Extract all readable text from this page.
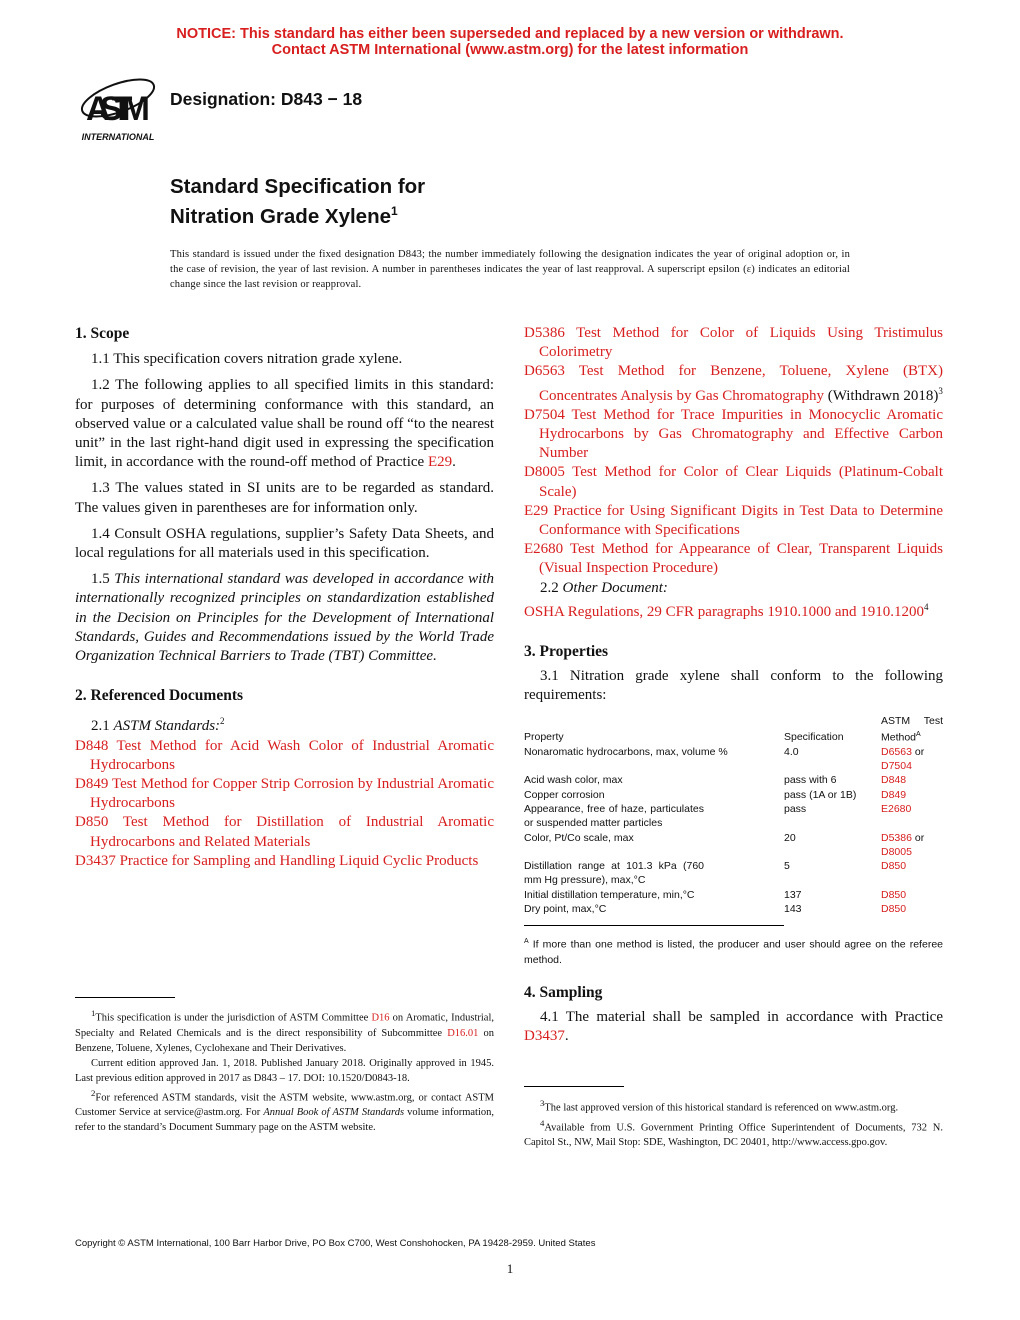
NOTICE: This standard has either been superseded and replaced by a new version or withdrawn.
Contact ASTM International (www.astm.org) for the latest information
ASTM
INTERNATIONAL
Designation: D843 − 18
Standard Specification for
Nitration Grade Xylene$^1$
This standard is issued under the fixed designation D843; the number immediately following the designation indicates the year of original adoption or, in the case of revision, the year of last revision. A number in parentheses indicates the year of last reapproval. A superscript epsilon (ε) indicates an editorial change since the last revision or reapproval.
1. Scope
1.1 This specification covers nitration grade xylene.
1.2 The following applies to all specified limits in this standard: for purposes of determining conformance with this standard, an observed value or a calculated value shall be round off “to the nearest unit” in the last right-hand digit used in expressing the specification limit, in accordance with the round-off method of Practice E29.
1.3 The values stated in SI units are to be regarded as standard. The values given in parentheses are for information only.
1.4 Consult OSHA regulations, supplier’s Safety Data Sheets, and local regulations for all materials used in this specification.
1.5 This international standard was developed in accordance with internationally recognized principles on standardization established in the Decision on Principles for the Development of International Standards, Guides and Recommendations issued by the World Trade Organization Technical Barriers to Trade (TBT) Committee.
2. Referenced Documents
2.1 ASTM Standards:$^2$
D848 Test Method for Acid Wash Color of Industrial Aromatic Hydrocarbons
D849 Test Method for Copper Strip Corrosion by Industrial Aromatic Hydrocarbons
D850 Test Method for Distillation of Industrial Aromatic Hydrocarbons and Related Materials
D3437 Practice for Sampling and Handling Liquid Cyclic Products
$^1$This specification is under the jurisdiction of ASTM Committee D16 on Aromatic, Industrial, Specialty and Related Chemicals and is the direct responsibility of Subcommittee D16.01 on Benzene, Toluene, Xylenes, Cyclohexane and Their Derivatives.
Current edition approved Jan. 1, 2018. Published January 2018. Originally approved in 1945. Last previous edition approved in 2017 as D843 – 17. DOI: 10.1520/D0843-18.
$^2$For referenced ASTM standards, visit the ASTM website, www.astm.org, or contact ASTM Customer Service at service@astm.org. For Annual Book of ASTM Standards volume information, refer to the standard’s Document Summary page on the ASTM website.
D5386 Test Method for Color of Liquids Using Tristimulus Colorimetry
D6563 Test Method for Benzene, Toluene, Xylene (BTX) Concentrates Analysis by Gas Chromatography (Withdrawn 2018)$^3$
D7504 Test Method for Trace Impurities in Monocyclic Aromatic Hydrocarbons by Gas Chromatography and Effective Carbon Number
D8005 Test Method for Color of Clear Liquids (Platinum-Cobalt Scale)
E29 Practice for Using Significant Digits in Test Data to Determine Conformance with Specifications
E2680 Test Method for Appearance of Clear, Transparent Liquids (Visual Inspection Procedure)
2.2 Other Document:
OSHA Regulations, 29 CFR paragraphs 1910.1000 and 1910.1200$^4$
3. Properties
3.1 Nitration grade xylene shall conform to the following requirements:
Property	Specification	ASTM Test Method$^A$
Nonaromatic hydrocarbons, max, volume %	4.0	D6563 or
D7504
Acid wash color, max	pass with 6	D848
Copper corrosion	pass (1A or 1B)	D849
Appearance, free of haze, particulates or suspended matter particles	pass	E2680
Color, Pt/Co scale, max	20	D5386 or
D8005
Distillation range at 101.3 kPa (760 mm Hg pressure), max,°C	5	D850
Initial distillation temperature, min,°C	137	D850
Dry point, max,°C	143	D850
$^A$ If more than one method is listed, the producer and user should agree on the referee method.
4. Sampling
4.1 The material shall be sampled in accordance with Practice D3437.
$^3$The last approved version of this historical standard is referenced on www.astm.org.
$^4$Available from U.S. Government Printing Office Superintendent of Documents, 732 N. Capitol St., NW, Mail Stop: SDE, Washington, DC 20401, http://www.access.gpo.gov.
Copyright © ASTM International, 100 Barr Harbor Drive, PO Box C700, West Conshohocken, PA 19428-2959. United States
1
